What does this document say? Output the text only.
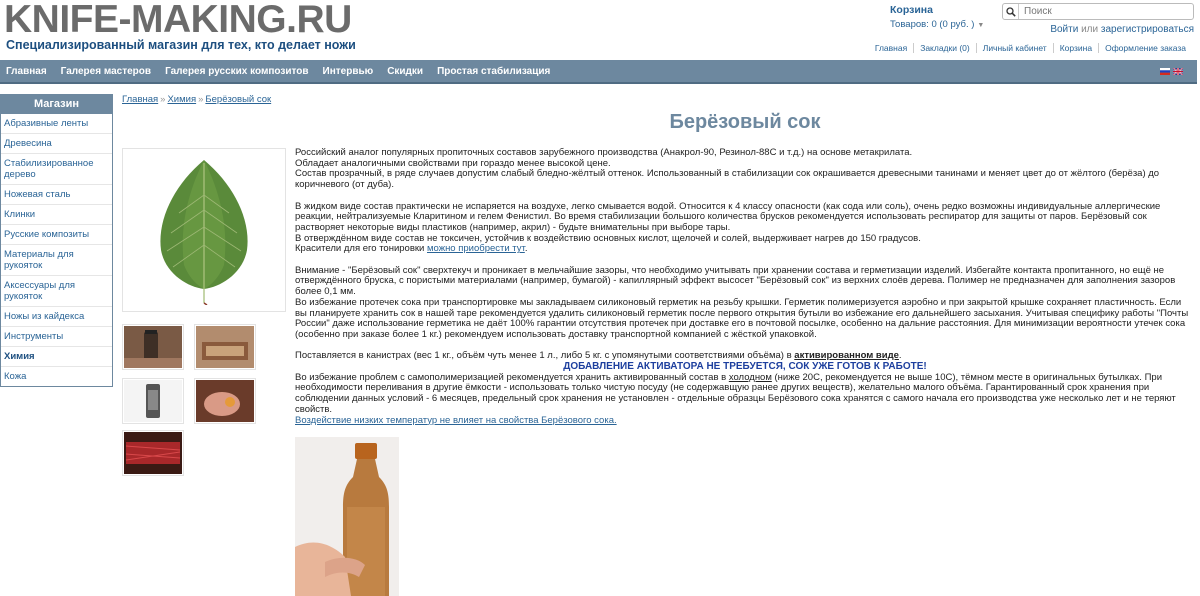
KNIFE-MAKING.RU
Специализированный магазин для тех, кто делает ножи
Корзина
Товаров: 0 (0 руб. ) ▼
Поиск	Войти или зарегистрироваться
Главная	Закладки (0)	Личный кабинет	Корзина	Оформление заказа
Главная	Галерея мастеров	Галерея русских композитов	Интервью	Скидки	Простая стабилизация
Магазин
Абразивные ленты
Древесина
Стабилизированное дерево
Ножевая сталь
Клинки
Русские композиты
Материалы для рукояток
Аксессуары для рукояток
Ножы из кайдекса
Инструменты
Химия
Кожа
Главная » Химия » Берёзовый сок
Берёзовый сок

Российский аналог популярных пропиточных составов зарубежного производства (Анакрол-90, Резинол-88С и т.д.) на основе метакрилата.

Обладает аналогичными свойствами при гораздо менее высокой цене.

Состав прозрачный, в ряде случаев допустим слабый бледно-жёлтый оттенок. Использованный в стабилизации сок окрашивается древесными танинами и меняет цвет до от жёлтого (берёза) до коричневого (от дуба).

В жидком виде состав практически не испаряется на воздухе, легко смывается водой. Относится к 4 классу опасности (как сода или соль), очень редко возможны индивидуальные аллергические реакции, нейтрализуемые Кларитином и гелем Фенистил. Во время стабилизации большого количества брусков рекомендуется использовать респиратор для защиты от паров. Берёзовый сок растворяет некоторые виды пластиков (например, акрил) - будьте внимательны при выборе тары.

В отверждённом виде состав не токсичен, устойчив к воздействию основных кислот, щелочей и солей, выдерживает нагрев до 150 градусов.

Красители для его тонировки можно приобрести тут.

Внимание - "Берёзовый сок" сверхтекуч и проникает в мельчайшие зазоры, что необходимо учитывать при хранении состава и герметизации изделий. Избегайте контакта пропитанного, но ещё не отверждённого бруска, с пористыми материалами (например, бумагой) - капиллярный эффект высосет "Берёзовый сок" из верхних слоёв дерева. Полимер не предназначен для заполнения зазоров более 0,1 мм.

Во избежание протечек сока при транспортировке мы закладываем силиконовый герметик на резьбу крышки. Герметик полимеризуется аэробно и при закрытой крышке сохраняет пластичность. Если вы планируете хранить сок в нашей таре рекомендуется удалить силиконовый герметик после первого открытия бутыли во избежание его дальнейшего засыхания. Учитывая специфику работы "Почты России" даже использование герметика не даёт 100% гарантии отсутствия протечек при доставке его в почтовой посылке, особенно на дальние расстояния. Для минимизации вероятности утечек сока (особенно при заказе более 1 кг.) рекомендуем использовать доставку транспортной компанией с жёсткой упаковкой.

Поставляется в канистрах (вес 1 кг., объём чуть менее 1 л., либо 5 кг. с упомянутыми соответствиями объёма) в активированном виде.

ДОБАВЛЕНИЕ АКТИВАТОРА НЕ ТРЕБУЕТСЯ, СОК УЖЕ ГОТОВ К РАБОТЕ!

Во избежание проблем с самополимеризацией рекомендуется хранить активированный состав в холодном (ниже 20С, рекомендуется не выше 10С), тёмном месте в оригинальных бутылках. При необходимости переливания в другие ёмкости - использовать только чистую посуду (не содержавщую ранее других веществ), желательно малого объёма. Гарантированный срок хранения при соблюдении данных условий - 6 месяцев, предельный срок хранения не установлен - отдельные образцы Берёзового сока хранятся с самого начала его производства уже несколько лет и не теряют свойств.

Воздействие низких температур не влияет на свойства Берёзового сока.
